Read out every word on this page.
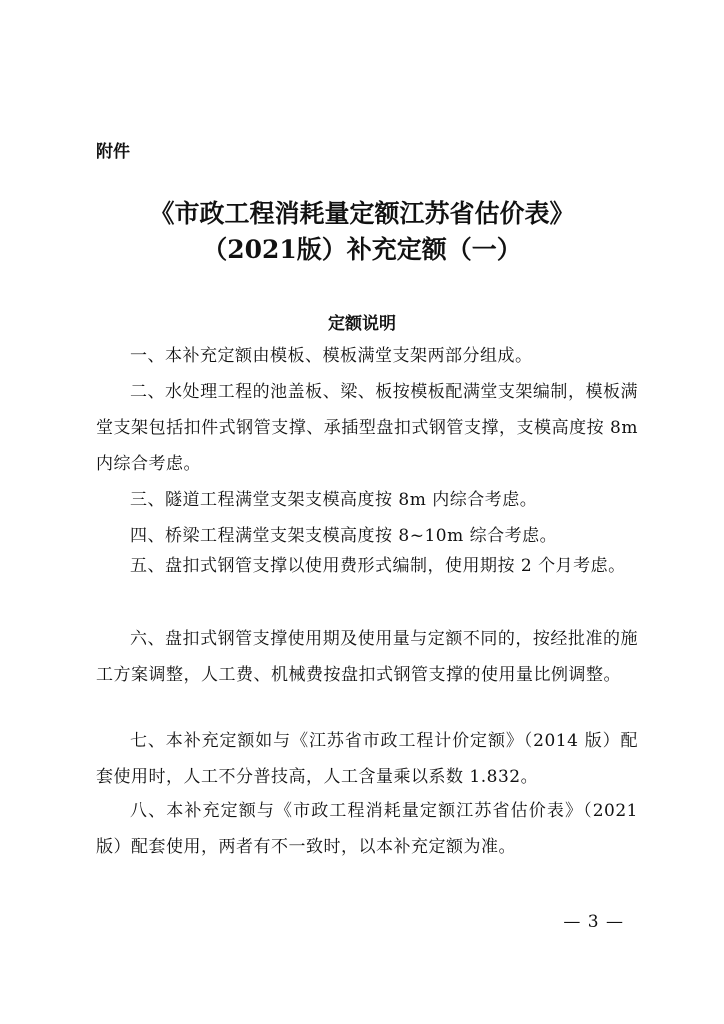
附件
《市政工程消耗量定额江苏省估价表》
（2021版）补充定额（一）
定额说明

一、本补充定额由模板、模板满堂支架两部分组成。

二、水处理工程的池盖板、梁、板按模板配满堂支架编制，模板满堂支架包括扣件式钢管支撑、承插型盘扣式钢管支撑，支模高度按 8m 内综合考虑。

三、隧道工程满堂支架支模高度按 8m 内综合考虑。

四、桥梁工程满堂支架支模高度按 8~10m 综合考虑。

五、盘扣式钢管支撑以使用费形式编制，使用期按 2 个月考虑。

六、盘扣式钢管支撑使用期及使用量与定额不同的，按经批准的施工方案调整，人工费、机械费按盘扣式钢管支撑的使用量比例调整。

七、本补充定额如与《江苏省市政工程计价定额》（2014 版）配套使用时，人工不分普技高，人工含量乘以系数 1.832。

八、本补充定额与《市政工程消耗量定额江苏省估价表》（2021 版）配套使用，两者有不一致时，以本补充定额为准。

— 3 —
